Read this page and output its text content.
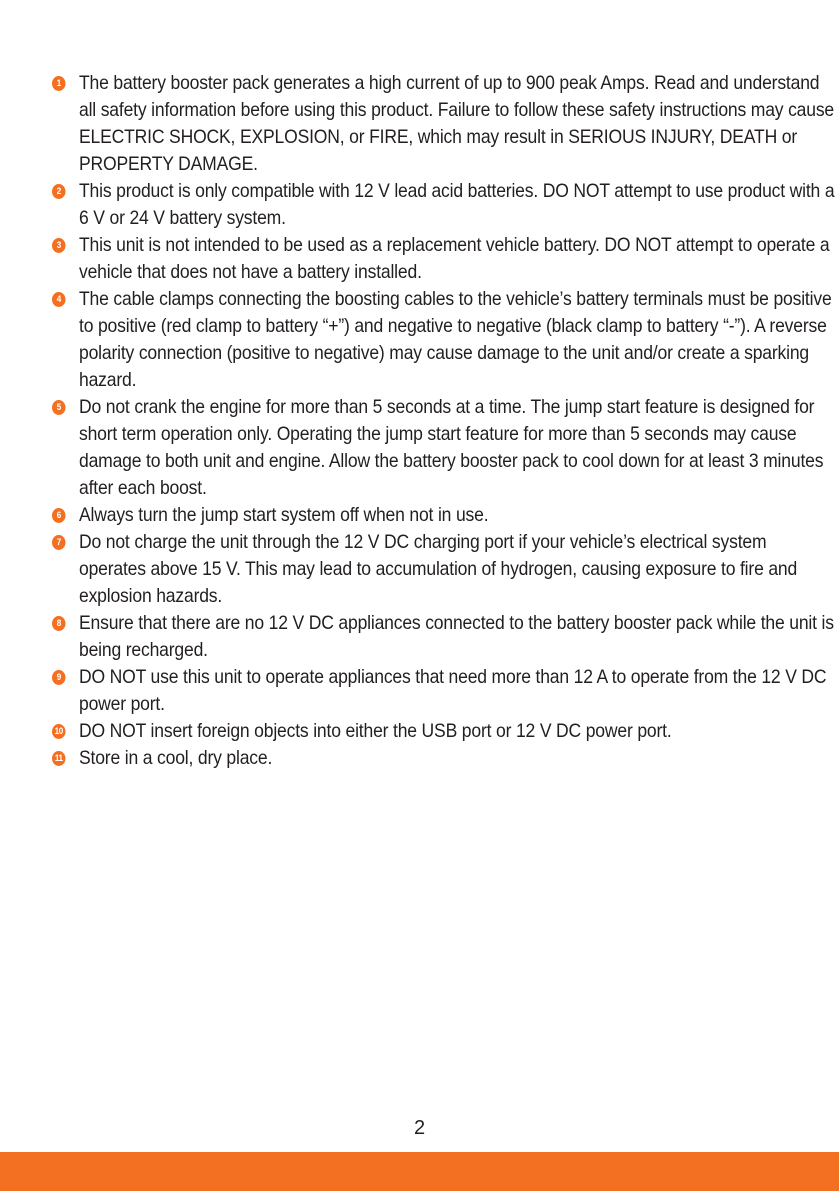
1 The battery booster pack generates a high current of up to 900 peak Amps. Read and understand all safety information before using this product. Failure to follow these safety instructions may cause ELECTRIC SHOCK, EXPLOSION, or FIRE, which may result in SERIOUS INJURY, DEATH or PROPERTY DAMAGE.
2 This product is only compatible with 12 V lead acid batteries. DO NOT attempt to use product with a 6 V or 24 V battery system.
3 This unit is not intended to be used as a replacement vehicle battery. DO NOT attempt to operate a vehicle that does not have a battery installed.
4 The cable clamps connecting the boosting cables to the vehicle’s battery terminals must be positive to positive (red clamp to battery “+”) and negative to negative (black clamp to battery “-”). A reverse polarity connection (positive to negative) may cause damage to the unit and/or create a sparking hazard.
5 Do not crank the engine for more than 5 seconds at a time. The jump start feature is designed for short term operation only. Operating the jump start feature for more than 5 seconds may cause damage to both unit and engine. Allow the battery booster pack to cool down for at least 3 minutes after each boost.
6 Always turn the jump start system off when not in use.
7 Do not charge the unit through the 12 V DC charging port if your vehicle’s electrical system operates above 15 V. This may lead to accumulation of hydrogen, causing exposure to fire and explosion hazards.
8 Ensure that there are no 12 V DC appliances connected to the battery booster pack while the unit is being recharged.
9 DO NOT use this unit to operate appliances that need more than 12 A to operate from the 12 V DC power port.
10 DO NOT insert foreign objects into either the USB port or 12 V DC power port.
11 Store in a cool, dry place.
2
